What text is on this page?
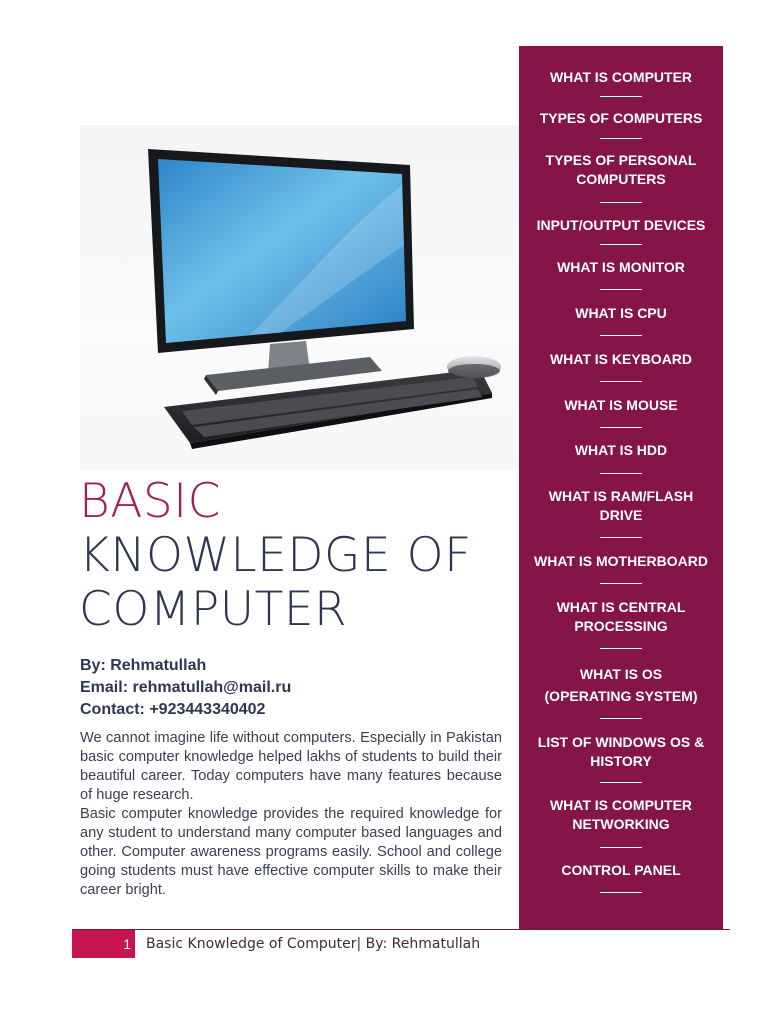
BASIC
KNOWLEDGE OF
COMPUTER
By: Rehmatullah
Email: rehmatullah@mail.ru
Contact: +923443340402

We cannot imagine life without computers. Especially in Pakistan basic computer knowledge helped lakhs of students to build their beautiful career. Today computers have many features because of huge research.

Basic computer knowledge provides the required knowledge for any student to understand many computer based languages and other. Computer awareness programs easily. School and college going students must have effective computer skills to make their career bright.

WHAT IS COMPUTER
TYPES OF COMPUTERS
TYPES OF PERSONAL COMPUTERS
INPUT/OUTPUT DEVICES
WHAT IS MONITOR
WHAT IS CPU
WHAT IS KEYBOARD
WHAT IS MOUSE
WHAT IS HDD
WHAT IS RAM/FLASH DRIVE
WHAT IS MOTHERBOARD
WHAT IS CENTRAL PROCESSING
WHAT IS OS (OPERATING SYSTEM)
LIST OF WINDOWS OS & HISTORY
WHAT IS COMPUTER NETWORKING
CONTROL PANEL
1 Basic Knowledge of Computer| By: Rehmatullah
